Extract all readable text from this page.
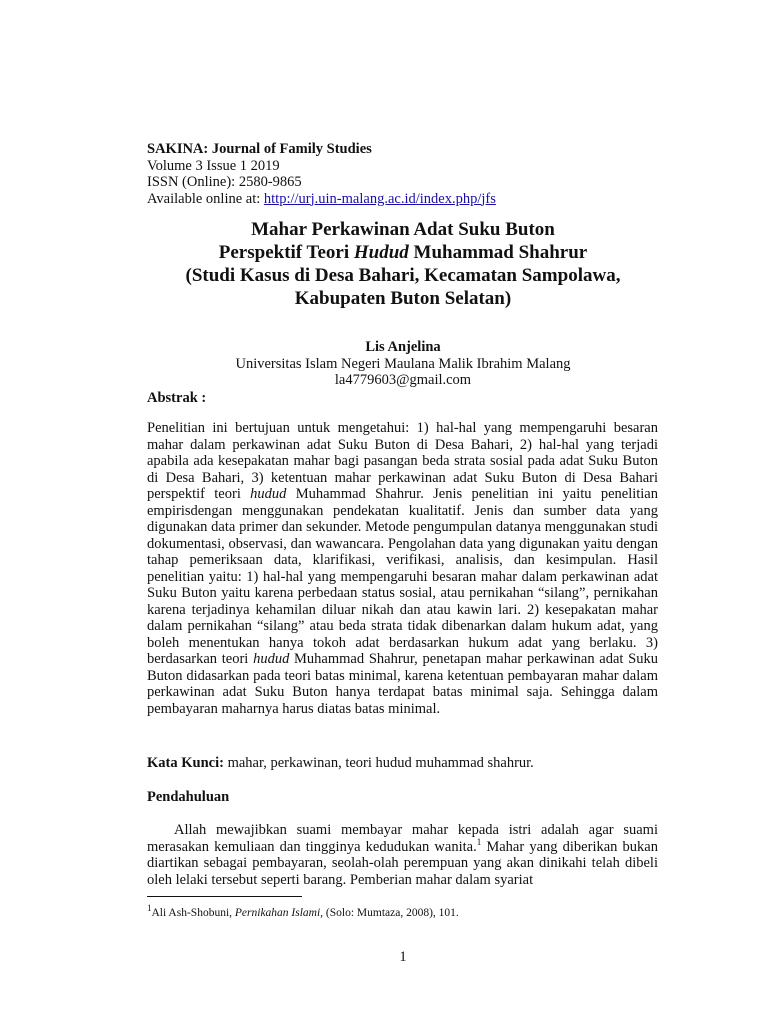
SAKINA: Journal of Family Studies
Volume 3 Issue 1 2019
ISSN (Online): 2580-9865
Available online at: http://urj.uin-malang.ac.id/index.php/jfs
Mahar Perkawinan Adat Suku Buton
Perspektif Teori Hudud Muhammad Shahrur
(Studi Kasus di Desa Bahari, Kecamatan Sampolawa,
Kabupaten Buton Selatan)
Lis Anjelina
Universitas Islam Negeri Maulana Malik Ibrahim Malang
la4779603@gmail.com
Abstrak :
Penelitian ini bertujuan untuk mengetahui: 1) hal-hal yang mempengaruhi besaran mahar dalam perkawinan adat Suku Buton di Desa Bahari, 2) hal-hal yang terjadi apabila ada kesepakatan mahar bagi pasangan beda strata sosial pada adat Suku Buton di Desa Bahari, 3) ketentuan mahar perkawinan adat Suku Buton di Desa Bahari perspektif teori hudud Muhammad Shahrur. Jenis penelitian ini yaitu penelitian empirisdengan menggunakan pendekatan kualitatif. Jenis dan sumber data yang digunakan data primer dan sekunder. Metode pengumpulan datanya menggunakan studi dokumentasi, observasi, dan wawancara. Pengolahan data yang digunakan yaitu dengan tahap pemeriksaan data, klarifikasi, verifikasi, analisis, dan kesimpulan. Hasil penelitian yaitu: 1) hal-hal yang mempengaruhi besaran mahar dalam perkawinan adat Suku Buton yaitu karena perbedaan status sosial, atau pernikahan “silang”, pernikahan karena terjadinya kehamilan diluar nikah dan atau kawin lari. 2) kesepakatan mahar dalam pernikahan “silang” atau beda strata tidak dibenarkan dalam hukum adat, yang boleh menentukan hanya tokoh adat berdasarkan hukum adat yang berlaku. 3) berdasarkan teori hudud Muhammad Shahrur, penetapan mahar perkawinan adat Suku Buton didasarkan pada teori batas minimal, karena ketentuan pembayaran mahar dalam perkawinan adat Suku Buton hanya terdapat batas minimal saja. Sehingga dalam pembayaran maharnya harus diatas batas minimal.
Kata Kunci: mahar, perkawinan, teori hudud muhammad shahrur.
Pendahuluan
Allah mewajibkan suami membayar mahar kepada istri adalah agar suami merasakan kemuliaan dan tingginya kedudukan wanita.$^1$ Mahar yang diberikan bukan diartikan sebagai pembayaran, seolah-olah perempuan yang akan dinikahi telah dibeli oleh lelaki tersebut seperti barang. Pemberian mahar dalam syariat
$^1$Ali Ash-Shobuni, Pernikahan Islami, (Solo: Mumtaza, 2008), 101.
1
